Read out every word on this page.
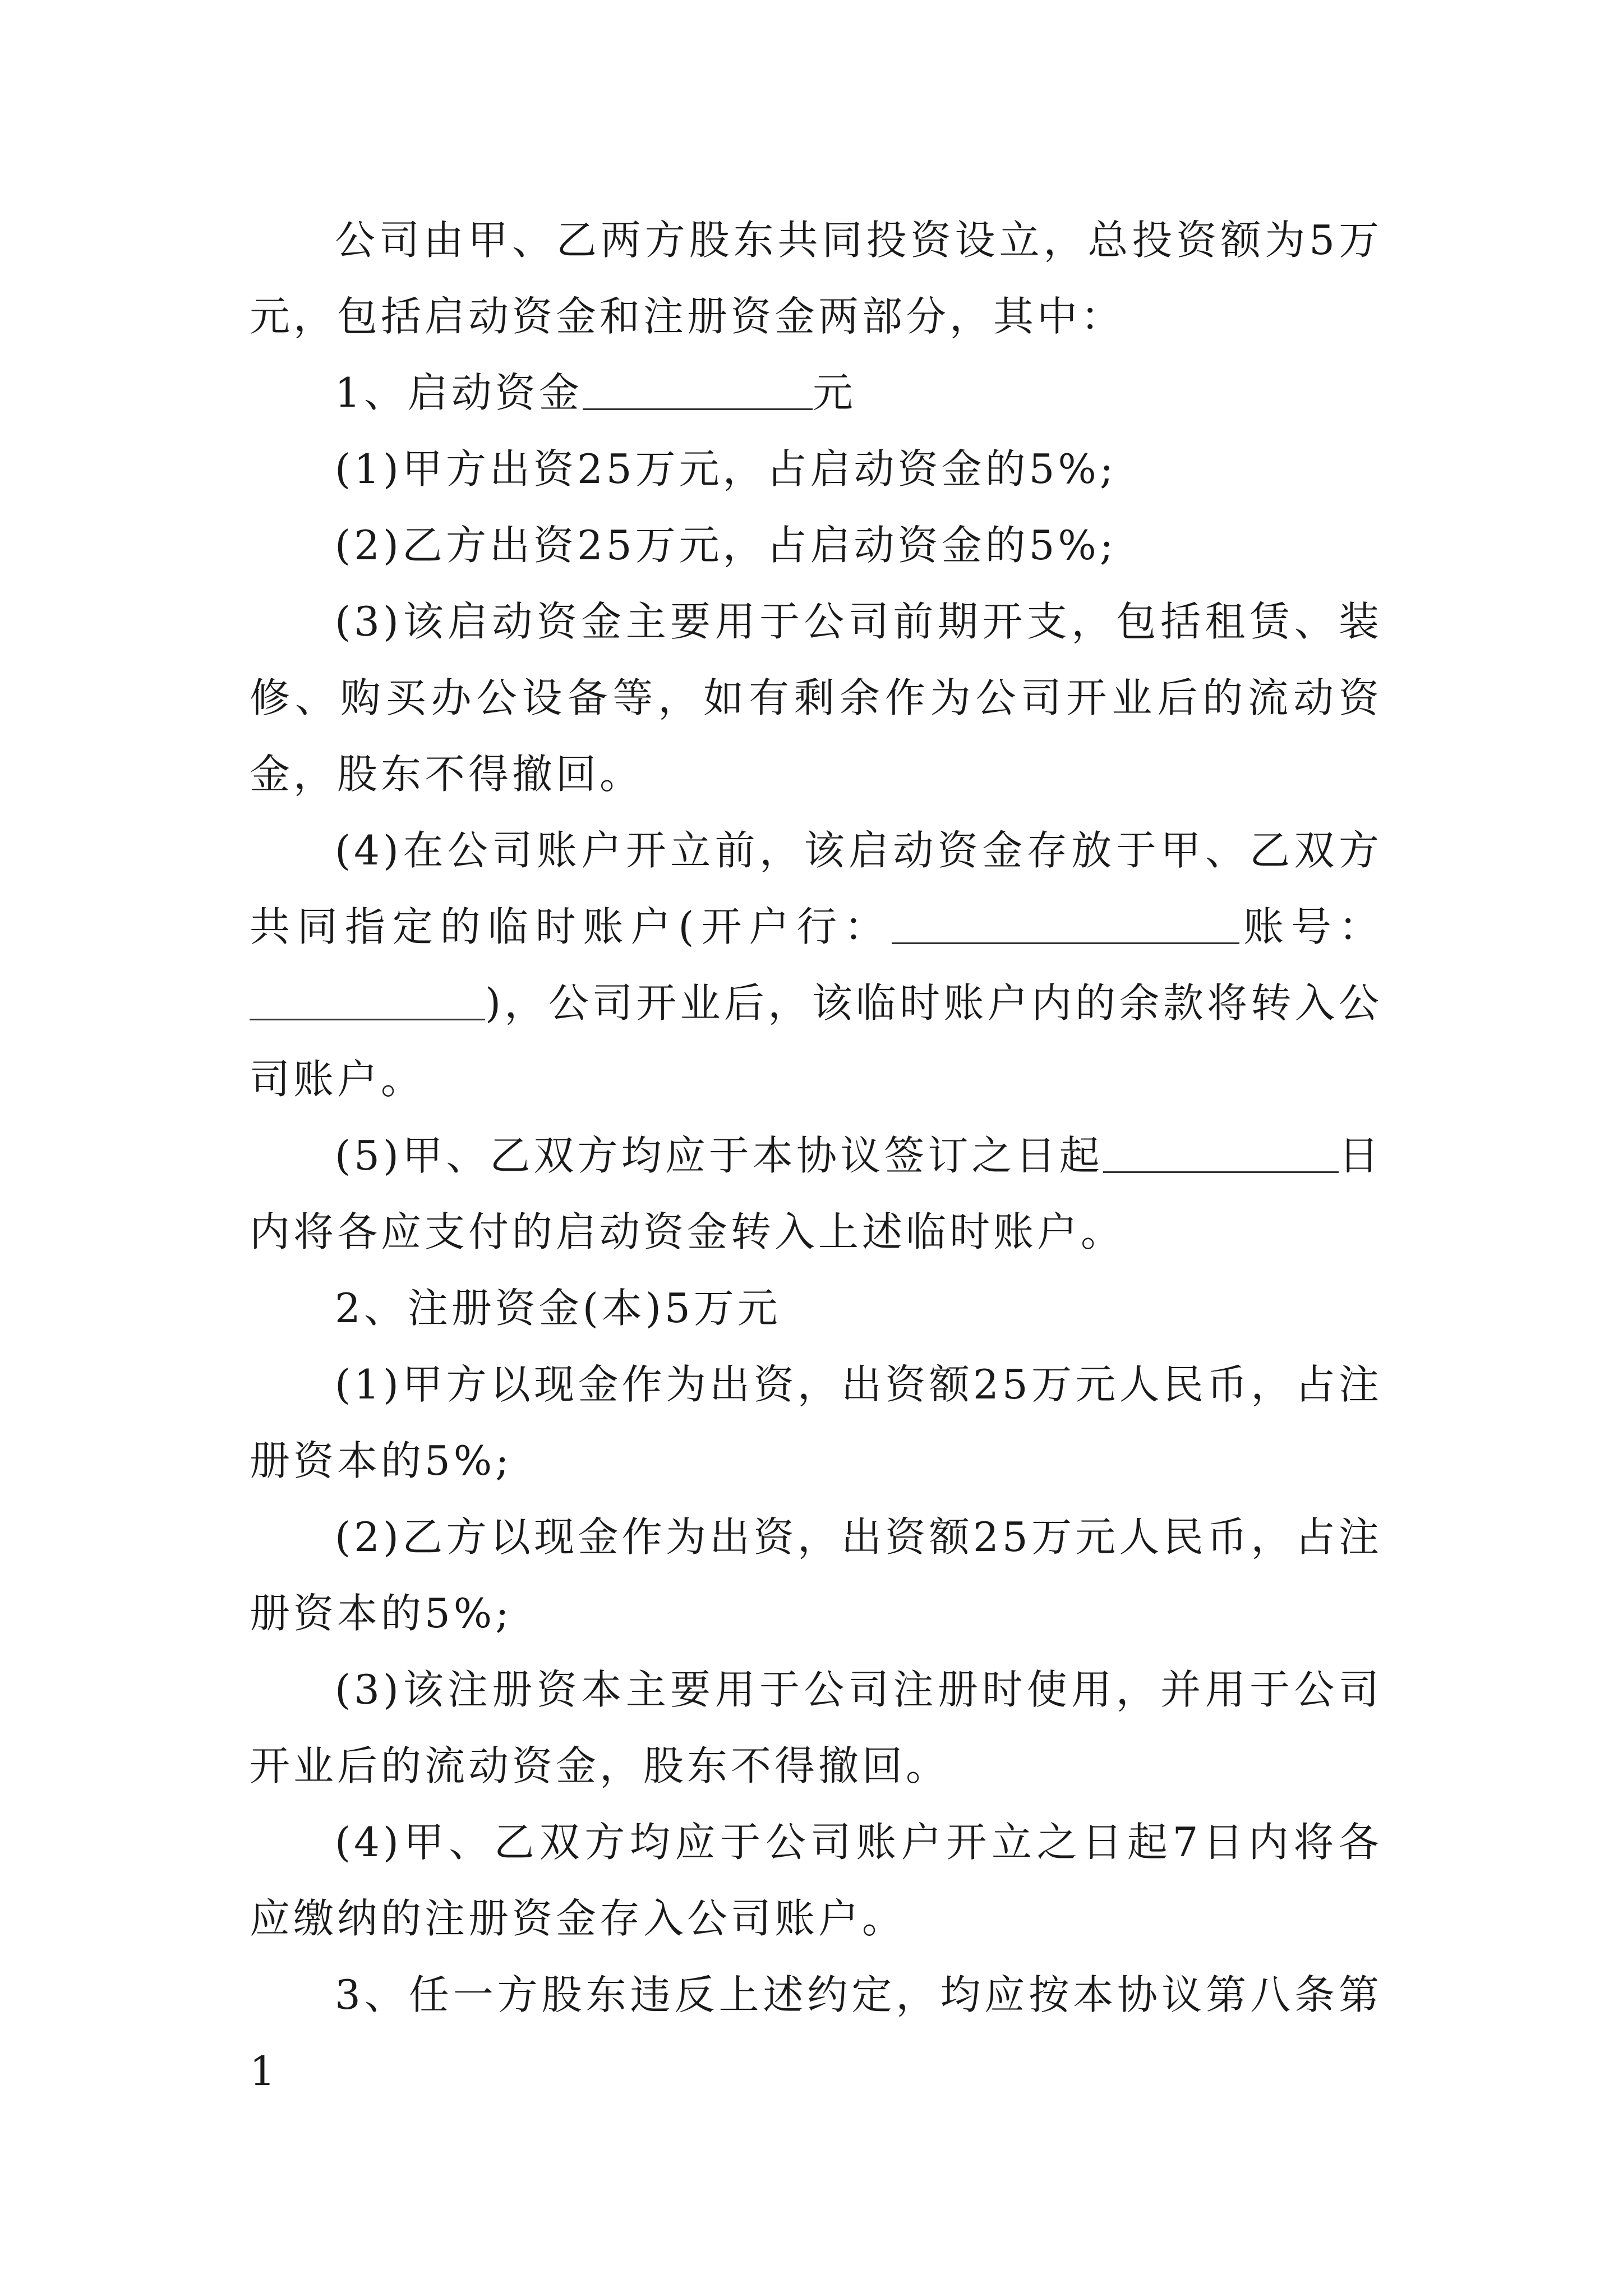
公司由甲、乙两方股东共同投资设立，总投资额为5万元，包括启动资金和注册资金两部分，其中：

1、启动资金	元

(1)甲方出资25万元，占启动资金的5%;

(2)乙方出资25万元，占启动资金的5%;

(3)该启动资金主要用于公司前期开支，包括租赁、装修、购买办公设备等，如有剩余作为公司开业后的流动资金，股东不得撤回。

(4)在公司账户开立前，该启动资金存放于甲、乙双方共同指定的临时账户(开户行：	账号：)，公司开业后，该临时账户内的余款将转入公司账户。

(5)甲、乙双方均应于本协议签订之日起	日内将各应支付的启动资金转入上述临时账户。

2、注册资金(本)5万元

(1)甲方以现金作为出资，出资额25万元人民币，占注册资本的5%;

(2)乙方以现金作为出资，出资额25万元人民币，占注册资本的5%;

(3)该注册资本主要用于公司注册时使用，并用于公司开业后的流动资金，股东不得撤回。

(4)甲、乙双方均应于公司账户开立之日起7日内将各应缴纳的注册资金存入公司账户。

3、任一方股东违反上述约定，均应按本协议第八条第1
